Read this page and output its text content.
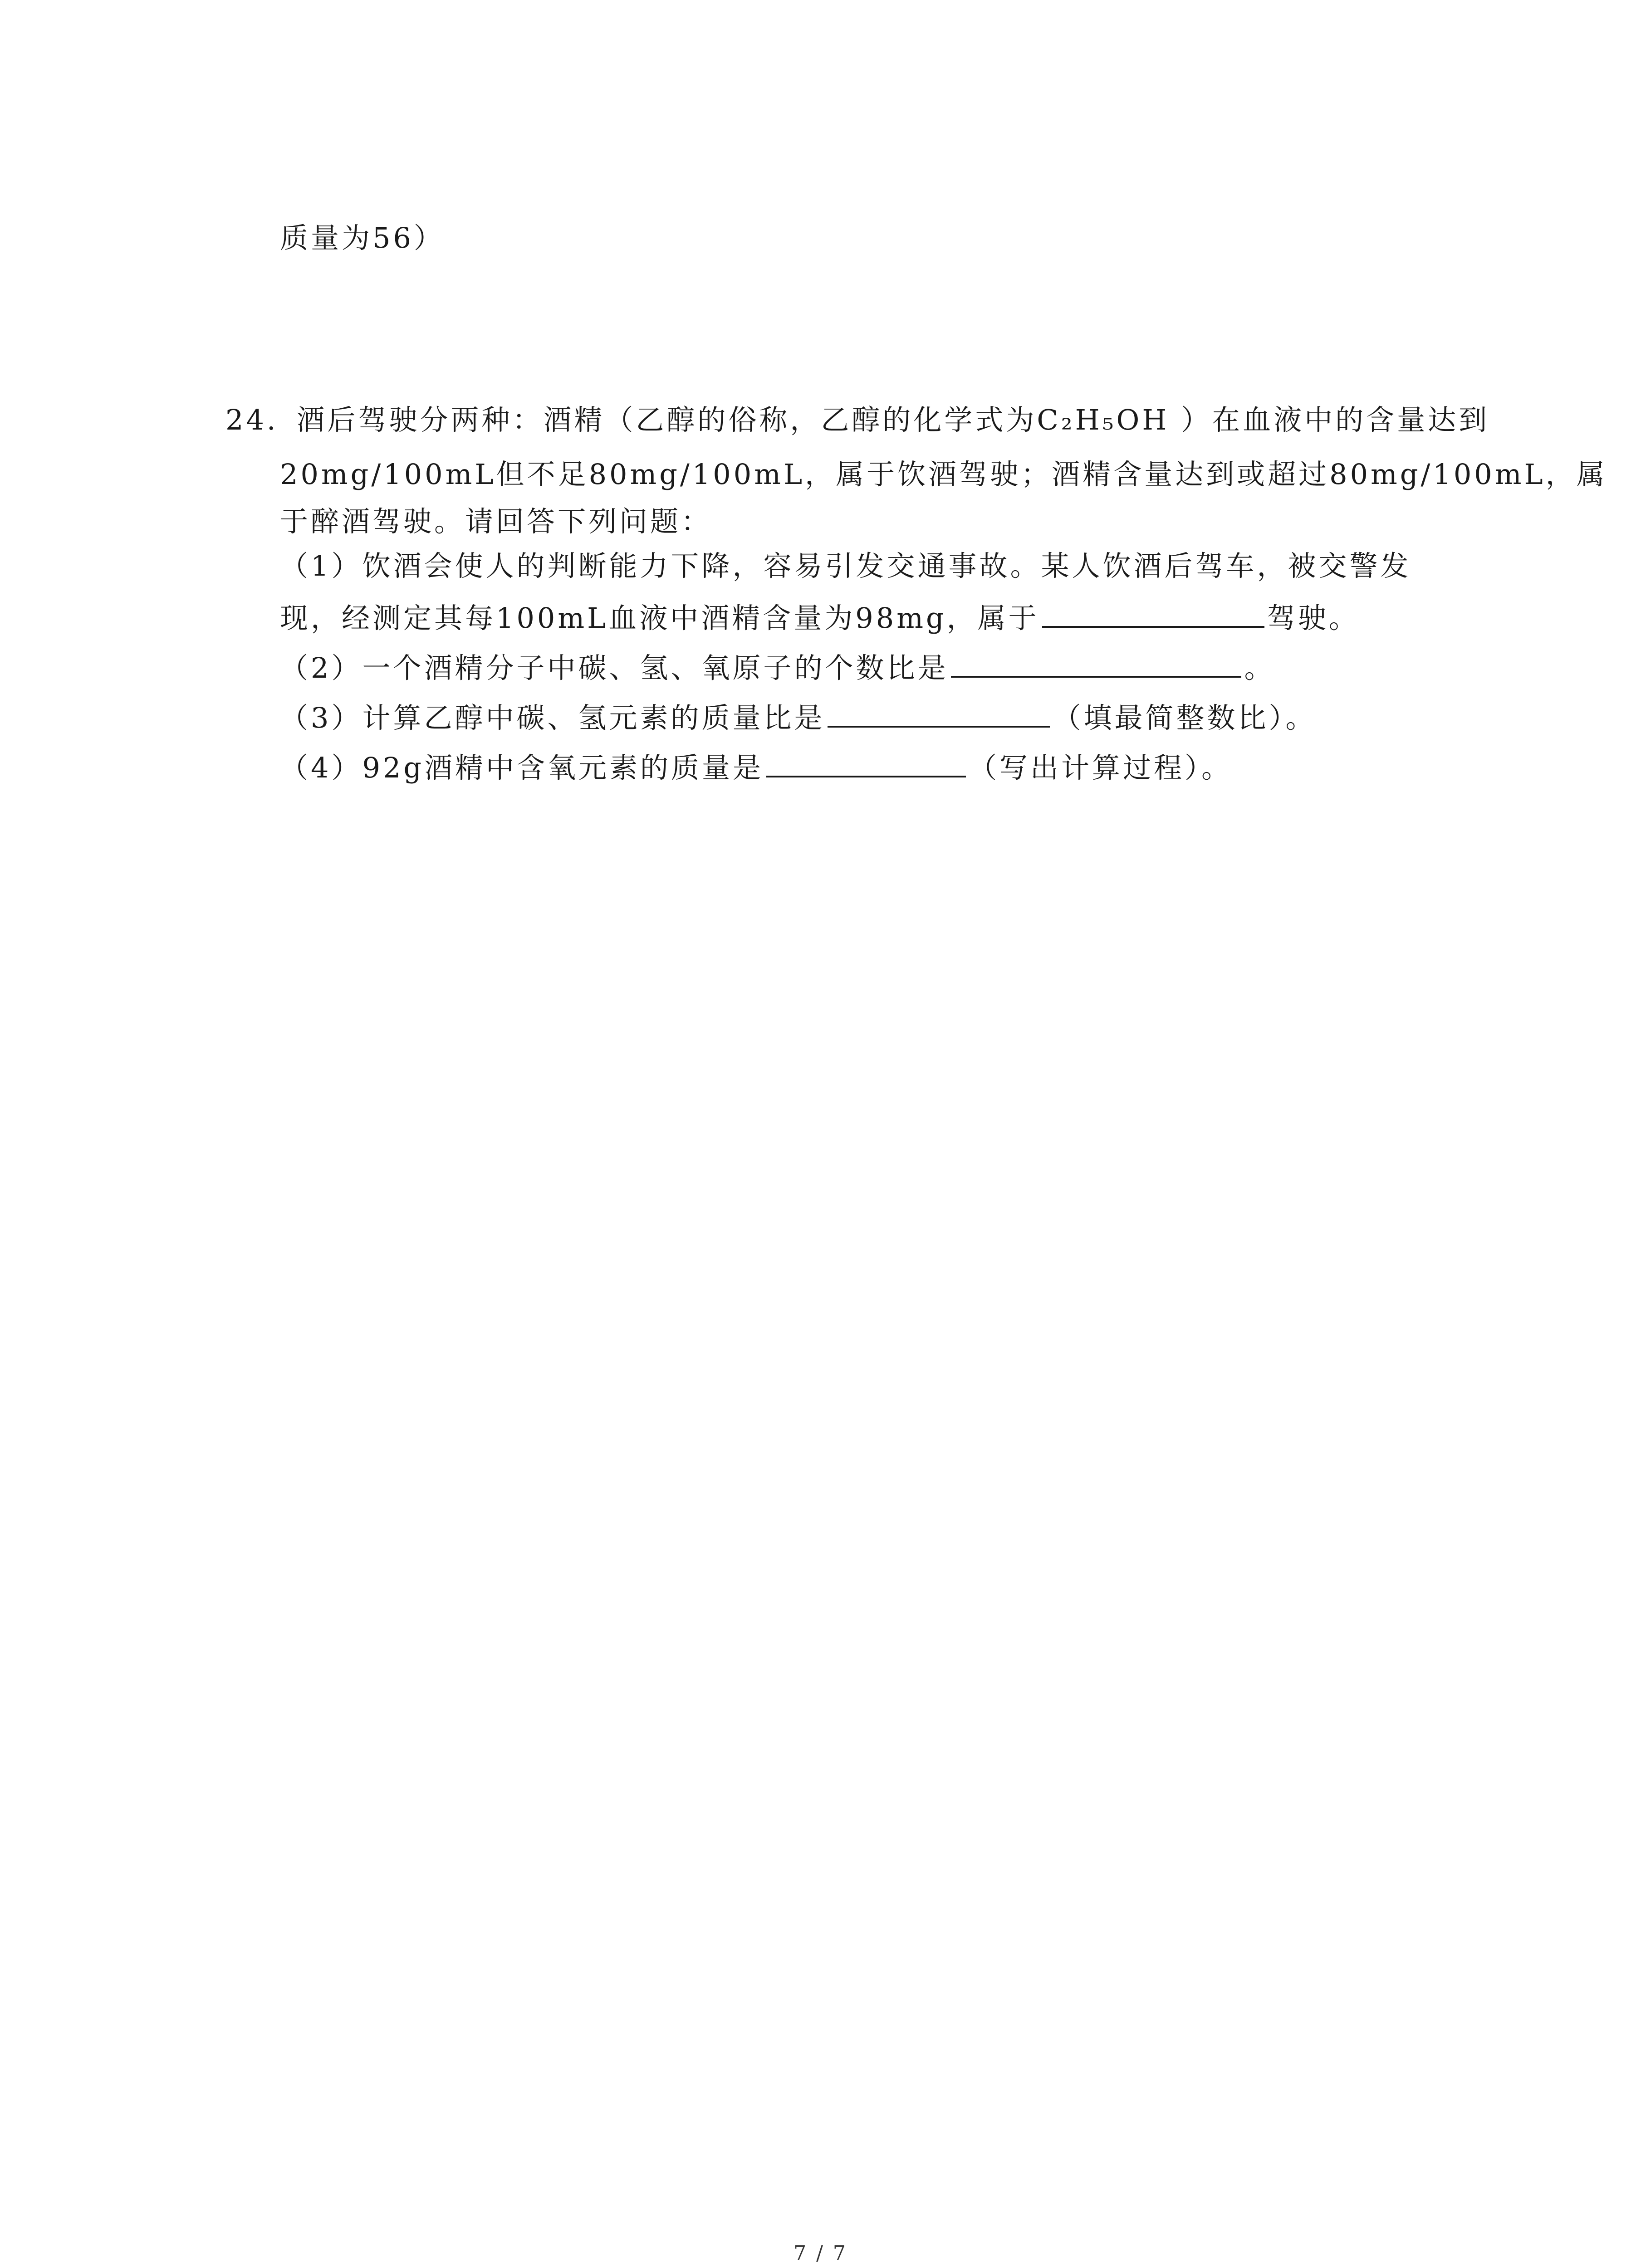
质量为56）
24. 酒后驾驶分两种：酒精（乙醇的俗称，乙醇的化学式为C₂H₅OH ）在血液中的含量达到
20mg/100mL但不足80mg/100mL，属于饮酒驾驶；酒精含量达到或超过80mg/100mL，属
于醉酒驾驶。请回答下列问题：
（1）饮酒会使人的判断能力下降，容易引发交通事故。某人饮酒后驾车，被交警发
现，经测定其每100mL血液中酒精含量为98mg，属于	驾驶。
（2）一个酒精分子中碳、氢、氧原子的个数比是	。
（3）计算乙醇中碳、氢元素的质量比是	（填最简整数比）。
（4）92g酒精中含氧元素的质量是	（写出计算过程）。
7 / 7
